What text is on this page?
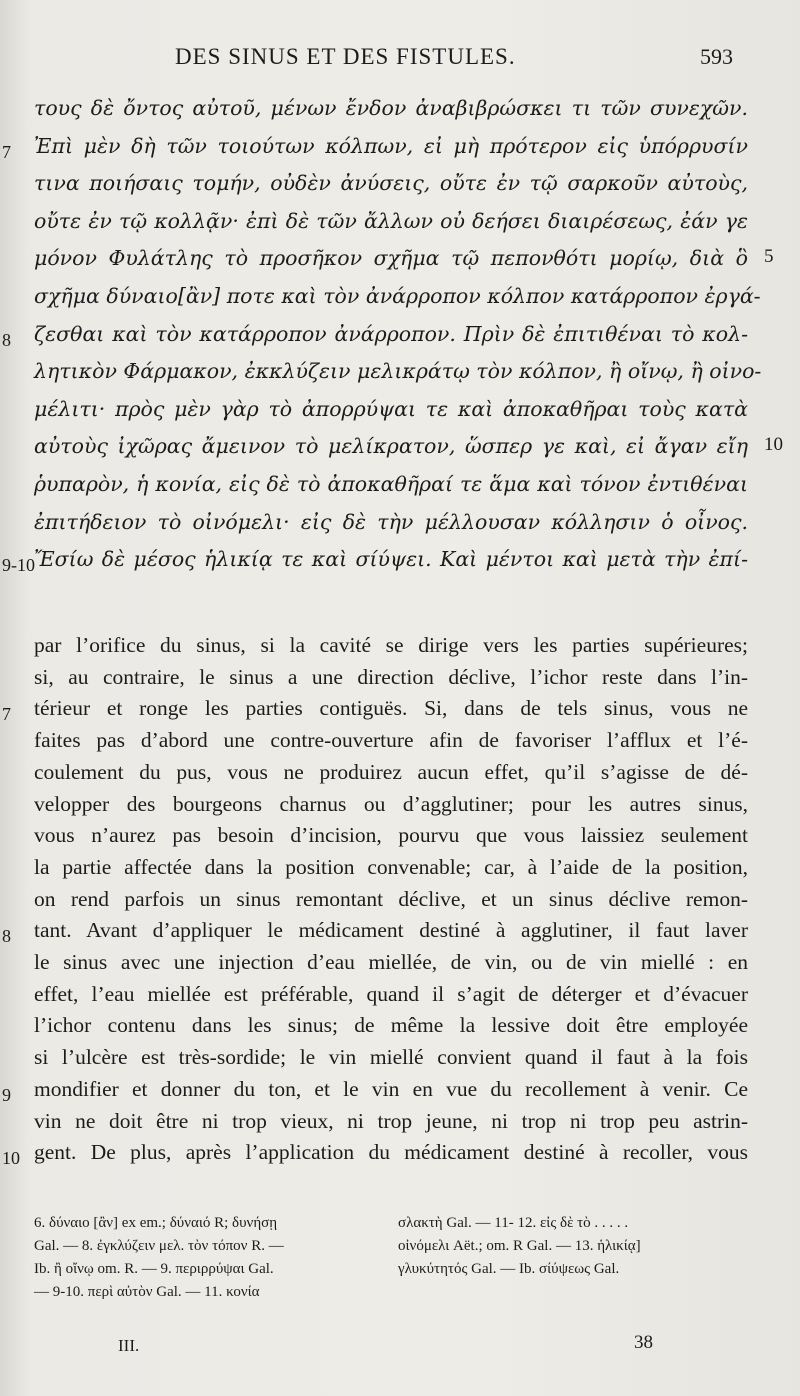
DES SINUS ET DES FISTULES.	593
τους δὲ ὄντος αὐτοῦ, μένων ἔνδον ἀναβιβρώσκει τι τῶν συνεχῶν.
7 Ἐπὶ μὲν δὴ τῶν τοιούτων κόλπων, εἰ μὴ πρότερον εἰς ὑπόρρυσίν
τινα ποιήσαις τομήν, οὐδὲν ἀνύσεις, οὔτε ἐν τῷ σαρκοῦν αὐτοὺς,
οὔτε ἐν τῷ κολλᾷν· ἐπὶ δὲ τῶν ἄλλων οὐ δεήσει διαιρέσεως, ἐάν γε
μόνον Φυλάτλης τὸ προσῆκον σχῆμα τῷ πεπονθότι μορίῳ, διὰ ὃ 5
σχῆμα δύναιο[ἂν] ποτε καὶ τὸν ἀνάρροπον κόλπον κατάρροπον ἐργά-
8 ζεσθαι καὶ τὸν κατάρροπον ἀνάρροπον. Πρὶν δὲ ἐπιτιθέναι τὸ κολ-
λητικὸν Φάρμακον, ἐκκλύζειν μελικράτῳ τὸν κόλπον, ἢ οἴνῳ, ἢ οἰνο-
μέλιτι· πρὸς μὲν γὰρ τὸ ἀπορρύψαι τε καὶ ἀποκαθῆραι τοὺς κατὰ
αὐτοὺς ἰχῶρας ἄμεινον τὸ μελίκρατον, ὥσπερ γε καὶ, εἰ ἄγαν εἴη 10
ῥυπαρὸν, ἡ κονία, εἰς δὲ τὸ ἀποκαθῆραί τε ἅμα καὶ τόνον ἐντιθέναι
ἐπιτήδειον τὸ οἰνόμελι· εἰς δὲ τὴν μέλλουσαν κόλλησιν ὁ οἶνος.
9-10 Ἔσίω δὲ μέσος ἡλικίᾳ τε καὶ σίύψει. Καὶ μέντοι καὶ μετὰ τὴν ἐπί-
par l’orifice du sinus, si la cavité se dirige vers les parties supérieures;
si, au contraire, le sinus a une direction déclive, l’ichor reste dans l’in-
7 térieur et ronge les parties contiguës. Si, dans de tels sinus, vous ne
faites pas d’abord une contre-ouverture afin de favoriser l’afflux et l’é-
coulement du pus, vous ne produirez aucun effet, qu’il s’agisse de dé-
velopper des bourgeons charnus ou d’agglutiner; pour les autres sinus,
vous n’aurez pas besoin d’incision, pourvu que vous laissiez seulement
la partie affectée dans la position convenable; car, à l’aide de la position,
on rend parfois un sinus remontant déclive, et un sinus déclive remon-
8 tant. Avant d’appliquer le médicament destiné à agglutiner, il faut laver
le sinus avec une injection d’eau miellée, de vin, ou de vin miellé : en
effet, l’eau miellée est préférable, quand il s’agit de déterger et d’évacuer
l’ichor contenu dans les sinus; de même la lessive doit être employée
si l’ulcère est très-sordide; le vin miellé convient quand il faut à la fois
9 mondifier et donner du ton, et le vin en vue du recollement à venir. Ce
vin ne doit être ni trop vieux, ni trop jeune, ni trop ni trop peu astrin-
10 gent. De plus, après l’application du médicament destiné à recoller, vous
6. δύναιο [ἂν] ex em.; δύναιό R; δυνήσῃ
Gal. — 8. ἐγκλύζειν μελ. τὸν τόπον R. —
Ib. ἢ οἴνῳ om. R. — 9. περιρρύψαι Gal.
— 9-10. περὶ αὐτὸν Gal. — 11. κονία
σλακτὴ Gal. — 11- 12. εἰς δὲ τὸ . . . . .
οἰνόμελι Aët.; om. R Gal. — 13. ἡλικίᾳ]
γλυκύτητός Gal. — Ib. σίύψεως Gal.
III.	38
